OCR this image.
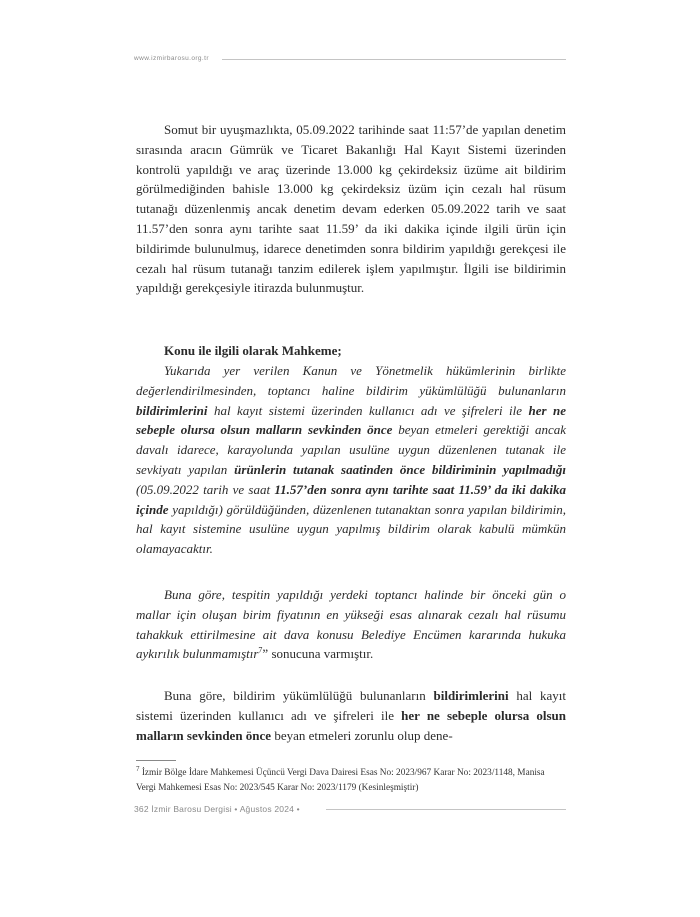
www.izmirbarosu.org.tr

Somut bir uyuşmazlıkta, 05.09.2022 tarihinde saat 11:57’de yapılan denetim sırasında aracın Gümrük ve Ticaret Bakanlığı Hal Kayıt Sistemi üzerinden kontrolü yapıldığı ve araç üzerinde 13.000 kg çekirdeksiz üzüme ait bildirim görülmediğinden bahisle 13.000 kg çekirdeksiz üzüm için cezalı hal rüsum tutanağı düzenlenmiş ancak denetim devam ederken 05.09.2022 tarih ve saat 11.57’den sonra aynı tarihte saat 11.59’ da iki dakika içinde ilgili ürün için bildirimde bulunulmuş, idarece denetimden sonra bildirim yapıldığı gerekçesi ile cezalı hal rüsum tutanağı tanzim edilerek işlem yapılmıştır. İlgili ise bildirimin yapıldığı gerekçesiyle itirazda bulunmuştur.

Konu ile ilgili olarak Mahkeme;

Yukarıda yer verilen Kanun ve Yönetmelik hükümlerinin birlikte değerlendirilmesinden, toptancı haline bildirim yükümlülüğü bulunanların bildirimlerini hal kayıt sistemi üzerinden kullanıcı adı ve şifreleri ile her ne sebeple olursa olsun malların sevkinden önce beyan etmeleri gerektiği ancak davalı idarece, karayolunda yapılan usulüne uygun düzenlenen tutanak ile sevkiyatı yapılan ürünlerin tutanak saatinden önce bildiriminin yapılmadığı (05.09.2022 tarih ve saat 11.57’den sonra aynı tarihte saat 11.59’ da iki dakika içinde yapıldığı) görüldüğünden, düzenlenen tutanaktan sonra yapılan bildirimin, hal kayıt sistemine usulüne uygun yapılmış bildirim olarak kabulü mümkün olamayacaktır.

Buna göre, tespitin yapıldığı yerdeki toptancı halinde bir önceki gün o mallar için oluşan birim fiyatının en yükseği esas alınarak cezalı hal rüsumu tahakkuk ettirilmesine ait dava konusu Belediye Encümen kararında hukuka aykırılık bulunmamıştır$^7$” sonucuna varmıştır.

Buna göre, bildirim yükümlülüğü bulunanların bildirimlerini hal kayıt sistemi üzerinden kullanıcı adı ve şifreleri ile her ne sebeple olursa olsun malların sevkinden önce beyan etmeleri zorunlu olup dene-

$^7$ İzmir Bölge İdare Mahkemesi Üçüncü Vergi Dava Dairesi Esas No: 2023/967 Karar No: 2023/1148, Manisa Vergi Mahkemesi Esas No: 2023/545 Karar No: 2023/1179 (Kesinleşmiştir)
362 İzmir Barosu Dergisi • Ağustos 2024 •
